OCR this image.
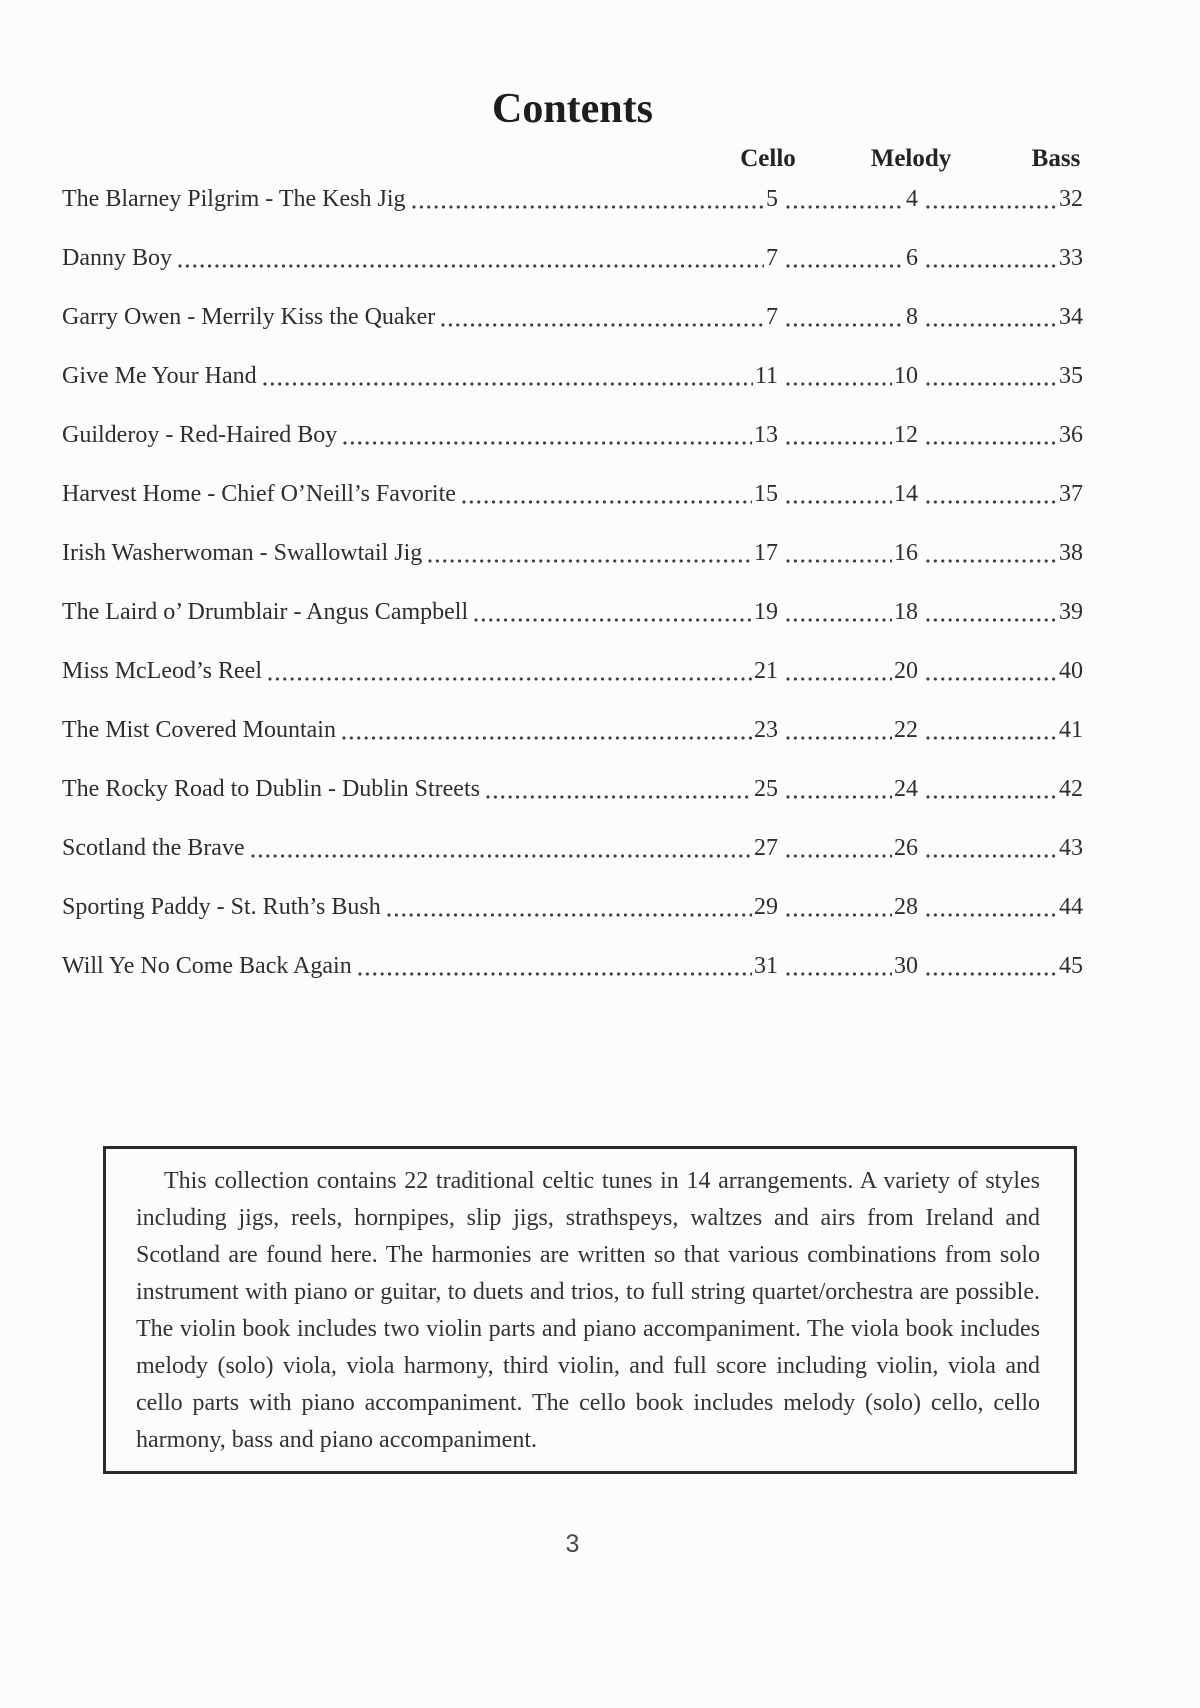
Contents
Cello	Melody	Bass
The Blarney Pilgrim - The Kesh Jig	5	4	32
Danny Boy	7	6	33
Garry Owen - Merrily Kiss the Quaker	7	8	34
Give Me Your Hand	11	10	35
Guilderoy - Red-Haired Boy	13	12	36
Harvest Home - Chief O’Neill’s Favorite	15	14	37
Irish Washerwoman - Swallowtail Jig	17	16	38
The Laird o’ Drumblair - Angus Campbell	19	18	39
Miss McLeod’s Reel	21	20	40
The Mist Covered Mountain	23	22	41
The Rocky Road to Dublin - Dublin Streets	25	24	42
Scotland the Brave	27	26	43
Sporting Paddy - St. Ruth’s Bush	29	28	44
Will Ye No Come Back Again	31	30	45

This collection contains 22 traditional celtic tunes in 14 arrangements. A variety of styles including jigs, reels, hornpipes, slip jigs, strathspeys, waltzes and airs from Ireland and Scotland are found here. The harmonies are written so that various combinations from solo instrument with piano or guitar, to duets and trios, to full string quartet/orchestra are possible. The violin book includes two violin parts and piano accompaniment. The viola book includes melody (solo) viola, viola harmony, third violin, and full score including violin, viola and cello parts with piano accompaniment. The cello book includes melody (solo) cello, cello harmony, bass and piano accompaniment.

3
